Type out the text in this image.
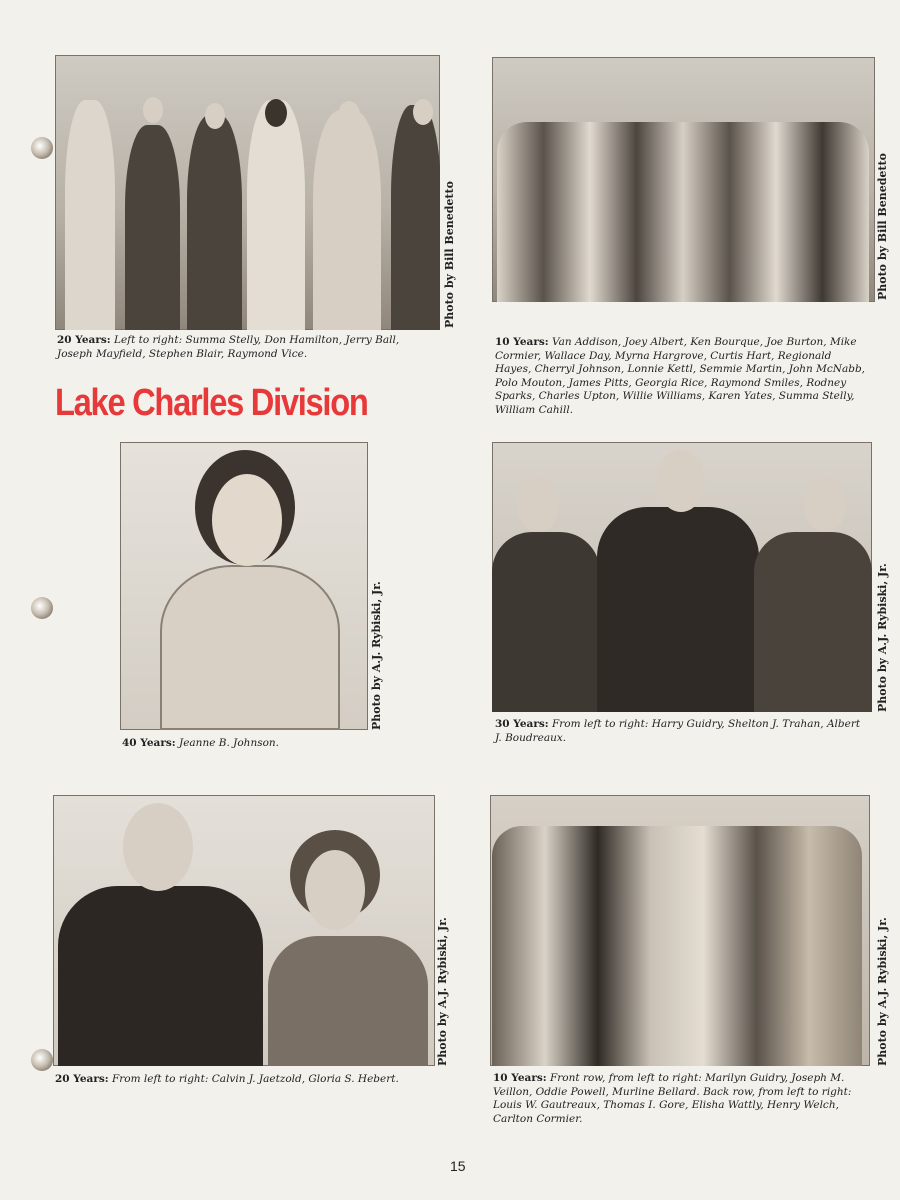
Photo by Bill Benedetto
20 Years: Left to right: Summa Stelly, Don Hamilton, Jerry Ball, Joseph Mayfield, Stephen Blair, Raymond Vice.
Photo by Bill Benedetto
10 Years: Van Addison, Joey Albert, Ken Bourque, Joe Burton, Mike Cormier, Wallace Day, Myrna Hargrove, Curtis Hart, Regionald Hayes, Cherryl Johnson, Lonnie Kettl, Semmie Martin, John McNabb, Polo Mouton, James Pitts, Georgia Rice, Raymond Smiles, Rodney Sparks, Charles Upton, Willie Williams, Karen Yates, Summa Stelly, William Cahill.
Lake Charles Division
Photo by A.J. Rybiski, Jr.
40 Years: Jeanne B. Johnson.
Photo by A.J. Rybiski, Jr.
30 Years: From left to right: Harry Guidry, Shelton J. Trahan, Albert J. Boudreaux.
Photo by A.J. Rybiski, Jr.
20 Years: From left to right: Calvin J. Jaetzold, Gloria S. Hebert.
Photo by A.J. Rybiski, Jr.
10 Years: Front row, from left to right: Marilyn Guidry, Joseph M. Veillon, Oddie Powell, Murline Bellard. Back row, from left to right: Louis W. Gautreaux, Thomas I. Gore, Elisha Wattly, Henry Welch, Carlton Cormier.
15
